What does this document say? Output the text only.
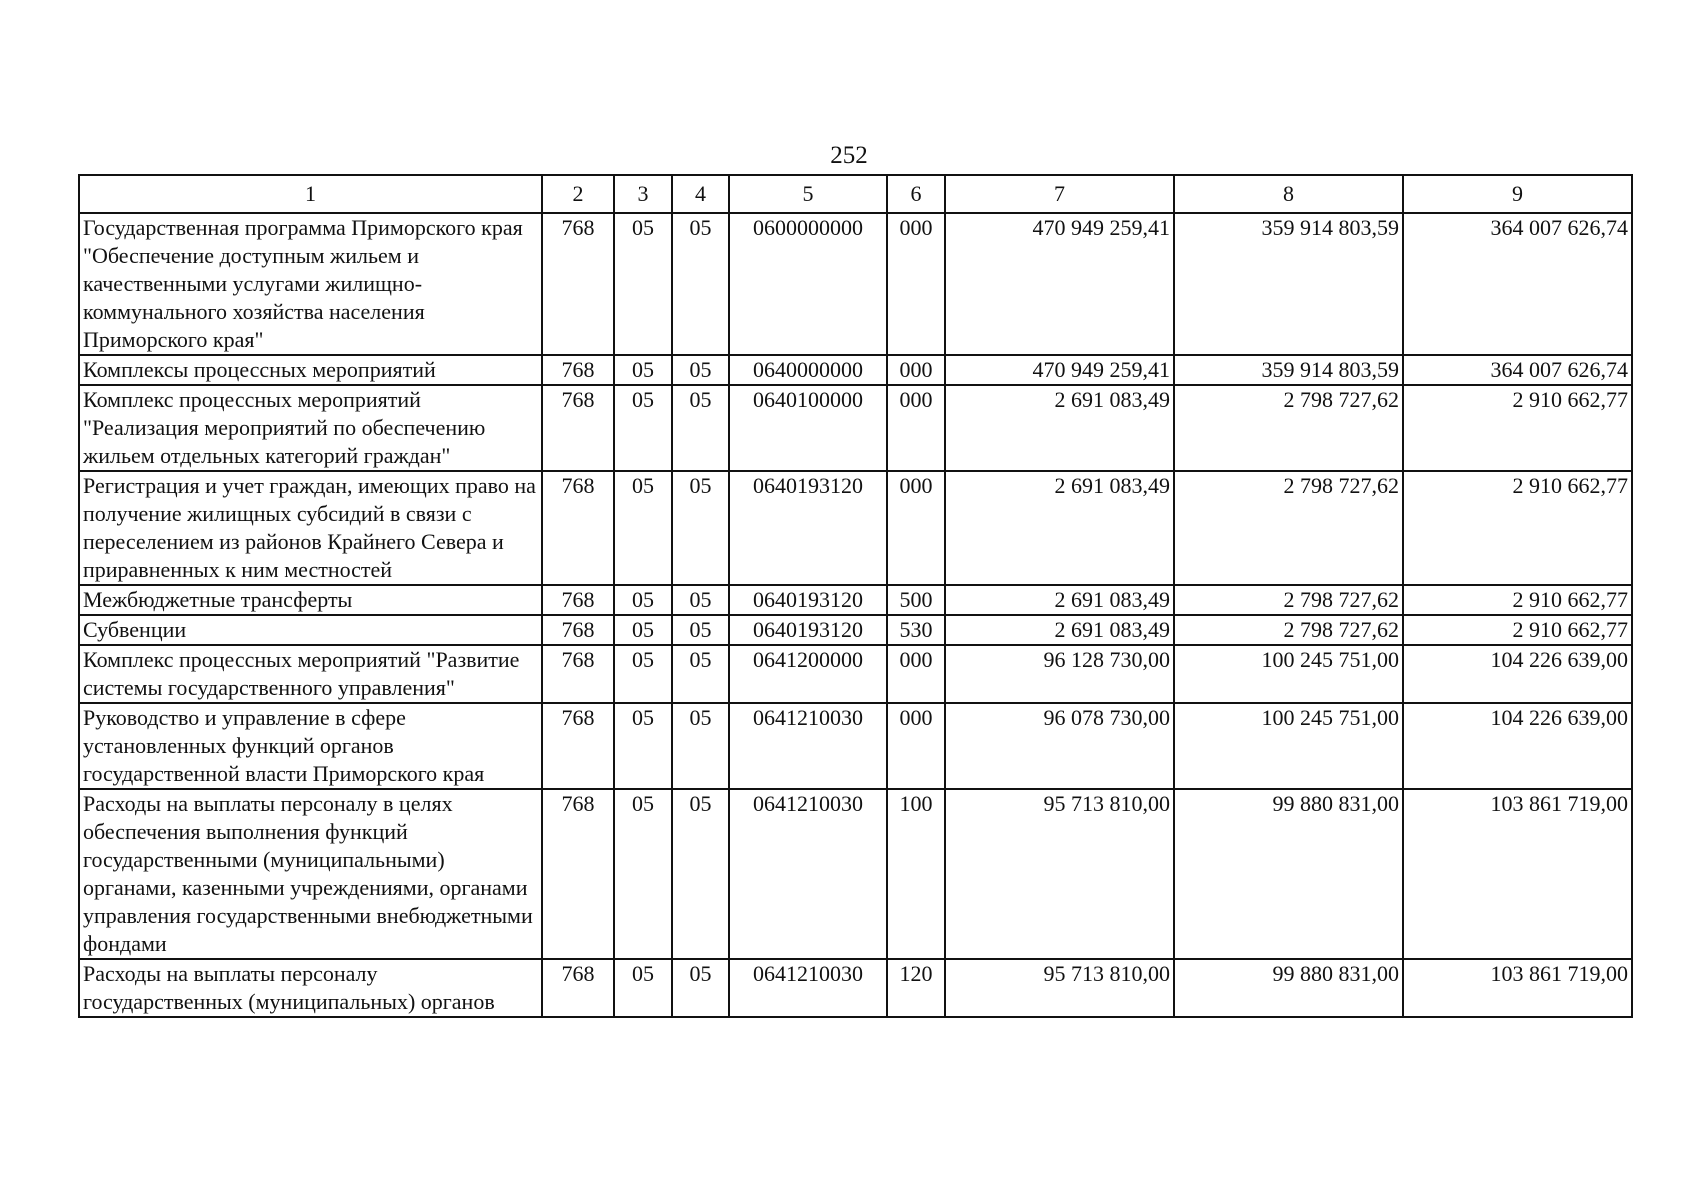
252
1	2	3	4	5	6	7	8	9
Государственная программа Приморского края "Обеспечение доступным жильем и качественными услугами жилищно-коммунального хозяйства населения Приморского края"	768	05	05	0600000000	000	470 949 259,41	359 914 803,59	364 007 626,74
Комплексы процессных мероприятий	768	05	05	0640000000	000	470 949 259,41	359 914 803,59	364 007 626,74
Комплекс процессных мероприятий "Реализация мероприятий по обеспечению жильем отдельных категорий граждан"	768	05	05	0640100000	000	2 691 083,49	2 798 727,62	2 910 662,77
Регистрация и учет граждан, имеющих право на получение жилищных субсидий в связи с переселением из районов Крайнего Севера и приравненных к ним местностей	768	05	05	0640193120	000	2 691 083,49	2 798 727,62	2 910 662,77
Межбюджетные трансферты	768	05	05	0640193120	500	2 691 083,49	2 798 727,62	2 910 662,77
Субвенции	768	05	05	0640193120	530	2 691 083,49	2 798 727,62	2 910 662,77
Комплекс процессных мероприятий "Развитие системы государственного управления"	768	05	05	0641200000	000	96 128 730,00	100 245 751,00	104 226 639,00
Руководство и управление в сфере установленных функций органов государственной власти Приморского края	768	05	05	0641210030	000	96 078 730,00	100 245 751,00	104 226 639,00
Расходы на выплаты персоналу в целях обеспечения выполнения функций государственными (муниципальными) органами, казенными учреждениями, органами управления государственными внебюджетными фондами	768	05	05	0641210030	100	95 713 810,00	99 880 831,00	103 861 719,00
Расходы на выплаты персоналу государственных (муниципальных) органов	768	05	05	0641210030	120	95 713 810,00	99 880 831,00	103 861 719,00
